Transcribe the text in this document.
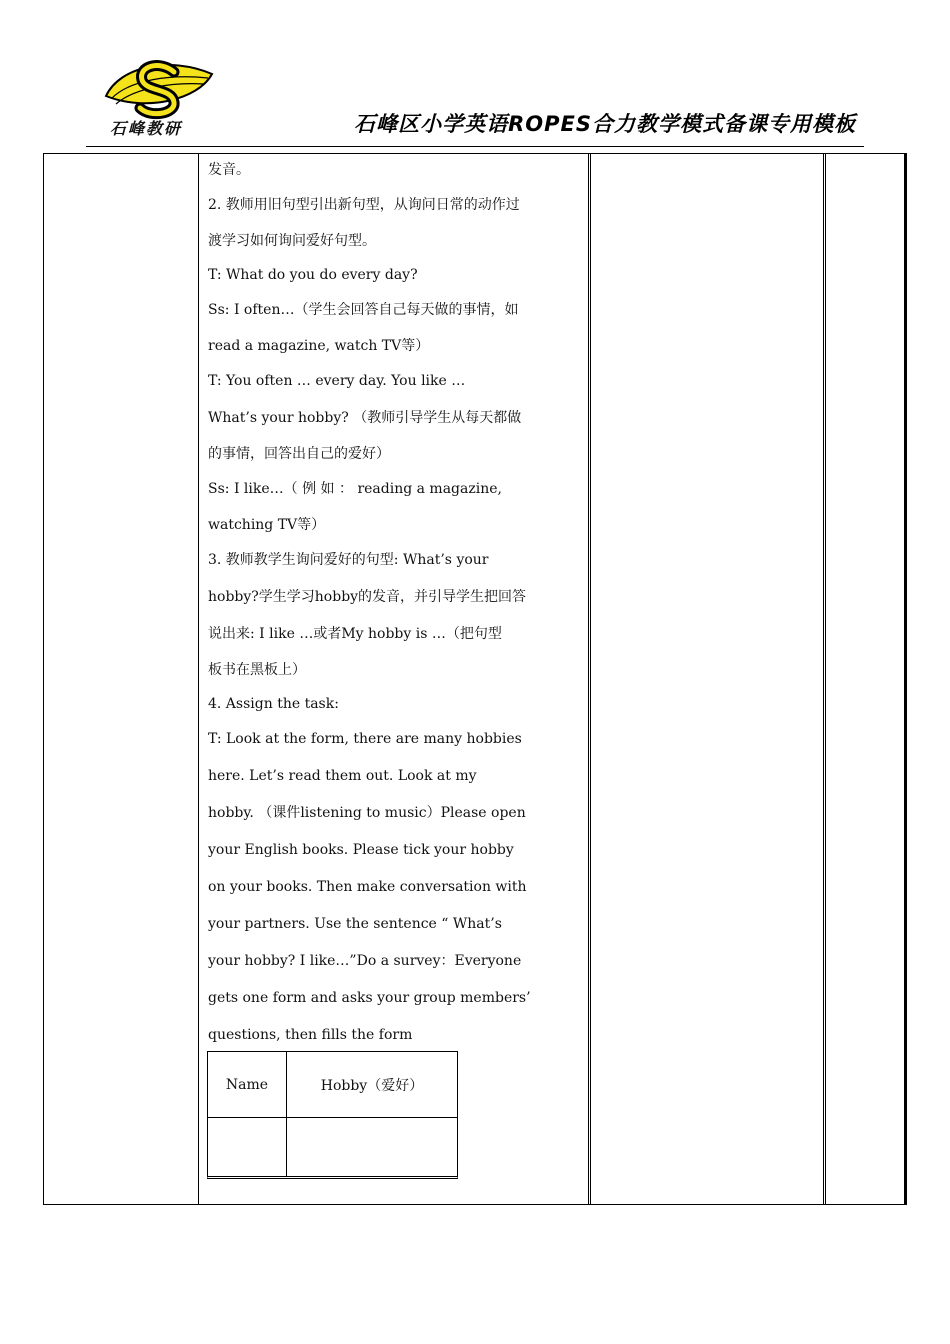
石峰教研	石峰区小学英语ROPES合力教学模式备课专用模板
发音。
2. 教师用旧句型引出新句型，从询问日常的动作过
渡学习如何询问爱好句型。
T: What do you do every day?
Ss: I often…（学生会回答自己每天做的事情，如
read a magazine, watch TV等）
T: You often … every day. You like …
What’s your hobby? （教师引导学生从每天都做
的事情，回答出自己的爱好）
Ss: I like…（ 例 如 ： reading a magazine,
watching TV等）
3. 教师教学生询问爱好的句型: What’s your
hobby?学生学习hobby的发音，并引导学生把回答
说出来: I like …或者My hobby is …（把句型
板书在黑板上）
4. Assign the task:
T: Look at the form, there are many hobbies
here. Let’s read them out. Look at my
hobby. （课件listening to music）Please open
your English books. Please tick your hobby
on your books. Then make conversation with
your partners. Use the sentence “ What’s
your hobby? I like…”Do a survey：Everyone
gets one form and asks your group members’
questions, then fills the form
Name	Hobby（爱好）
